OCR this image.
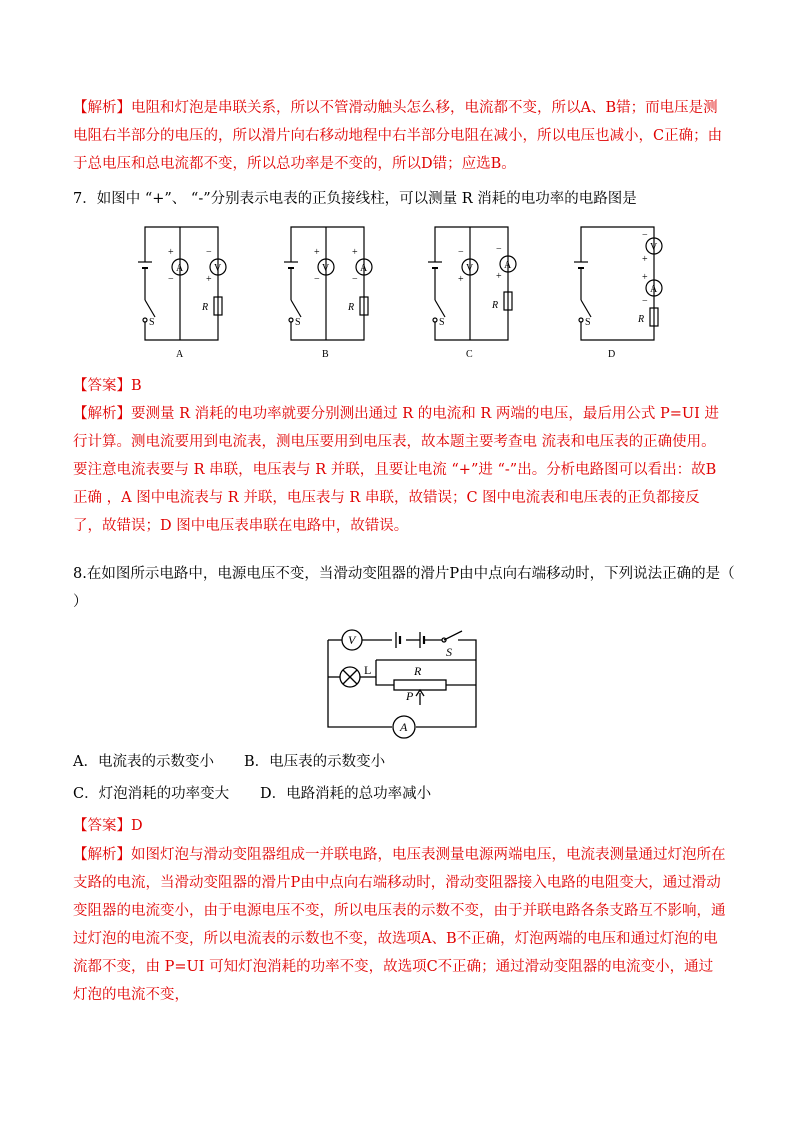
【解析】电阻和灯泡是串联关系，所以不管滑动触头怎么移，电流都不变，所以A、B错；而电压是测电阻右半部分的电压的，所以滑片向右移动地程中右半部分电阻在减小，所以电压也减小，C正确；由于总电压和总电流都不变，所以总功率是不变的，所以D错；应选B。
7．如图中 “+”、 “-”分别表示电表的正负接线柱，可以测量 R 消耗的电功率的电路图是
A	V
+
−
−
+
R
S
A
V	A
+
−
+
−
R
S
B
V	A
−
+
−
+
R
S
C
V
A
−
+
+
−
R
S
D
【答案】B
【解析】要测量 R 消耗的电功率就要分别测出通过 R 的电流和 R 两端的电压，最后用公式 P=UI 进行计算。测电流要用到电流表，测电压要用到电压表，故本题主要考查电 流表和电压表的正确使用。要注意电流表要与 R 串联，电压表与 R 并联，且要让电流 “+”进 “-”出。分析电路图可以看出：故B 正确 ，A 图中电流表与 R 并联，电压表与 R 串联，故错误；C 图中电流表和电压表的正负都接反了，故错误；D 图中电压表串联在电路中，故错误。
8.在如图所示电路中，电源电压不变，当滑动变阻器的滑片P由中点向右端移动时，下列说法正确的是（
）
V
L	R
P
S
A
A．电流表的示数变小 B．电压表的示数变小
C．灯泡消耗的功率变大 D．电路消耗的总功率减小
【答案】D
【解析】如图灯泡与滑动变阻器组成一并联电路，电压表测量电源两端电压，电流表测量通过灯泡所在支路的电流，当滑动变阻器的滑片P由中点向右端移动时，滑动变阻器接入电路的电阻变大，通过滑动变阻器的电流变小，由于电源电压不变，所以电压表的示数不变，由于并联电路各条支路互不影响，通过灯泡的电流不变，所以电流表的示数也不变，故选项A、B不正确，灯泡两端的电压和通过灯泡的电流都不变，由 P=UI 可知灯泡消耗的功率不变，故选项C不正确；通过滑动变阻器的电流变小，通过灯泡的电流不变，
